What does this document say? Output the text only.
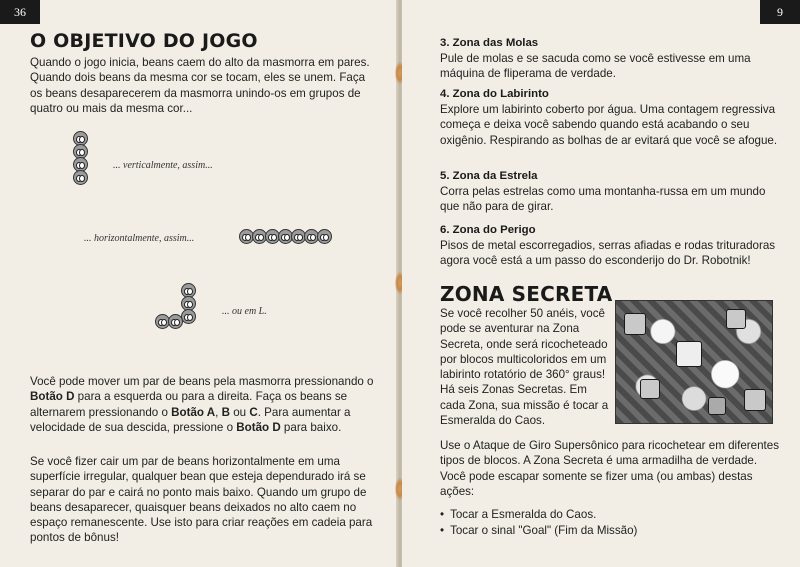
36
O OBJETIVO DO JOGO

Quando o jogo inicia, beans caem do alto da masmorra em pares. Quando dois beans da mesma cor se tocam, eles se unem. Faça os beans desaparecerem da masmorra unindo-os em grupos de quatro ou mais da mesma cor...

... verticalmente, assim...
... horizontalmente, assim...
... ou em L.

Você pode mover um par de beans pela masmorra pressionando o Botão D para a esquerda ou para a direita. Faça os beans se alternarem pressionando o Botão A, B ou C. Para aumentar a velocidade de sua descida, pressione o Botão D para baixo.

Se você fizer cair um par de beans horizontalmente em uma superfície irregular, qualquer bean que esteja dependurado irá se separar do par e cairá no ponto mais baixo. Quando um grupo de beans desaparecer, quaisquer beans deixados no alto caem no espaço remanescente. Use isto para criar reações em cadeia para pontos de bônus!

9
3. Zona das Molas

Pule de molas e se sacuda como se você estivesse em uma máquina de fliperama de verdade.

4. Zona do Labirinto

Explore um labirinto coberto por água. Uma contagem regressiva começa e deixa você sabendo quando está acabando o seu oxigênio. Respirando as bolhas de ar evitará que você se afogue.

5. Zona da Estrela

Corra pelas estrelas como uma montanha-russa em um mundo que não para de girar.

6. Zona do Perigo

Pisos de metal escorregadios, serras afiadas e rodas trituradoras agora você está a um passo do esconderijo do Dr. Robotnik!

ZONA SECRETA

Se você recolher 50 anéis, você pode se aventurar na Zona Secreta, onde será ricocheteado por blocos multicoloridos em um labirinto rotatório de 360° graus! Há seis Zonas Secretas. Em cada Zona, sua missão é tocar a Esmeralda do Caos.

Use o Ataque de Giro Supersônico para ricochetear em diferentes tipos de blocos. A Zona Secreta é uma armadilha de verdade. Você pode escapar somente se fizer uma (ou ambas) destas ações:

• Tocar a Esmeralda do Caos.
• Tocar o sinal "Goal" (Fim da Missão)
